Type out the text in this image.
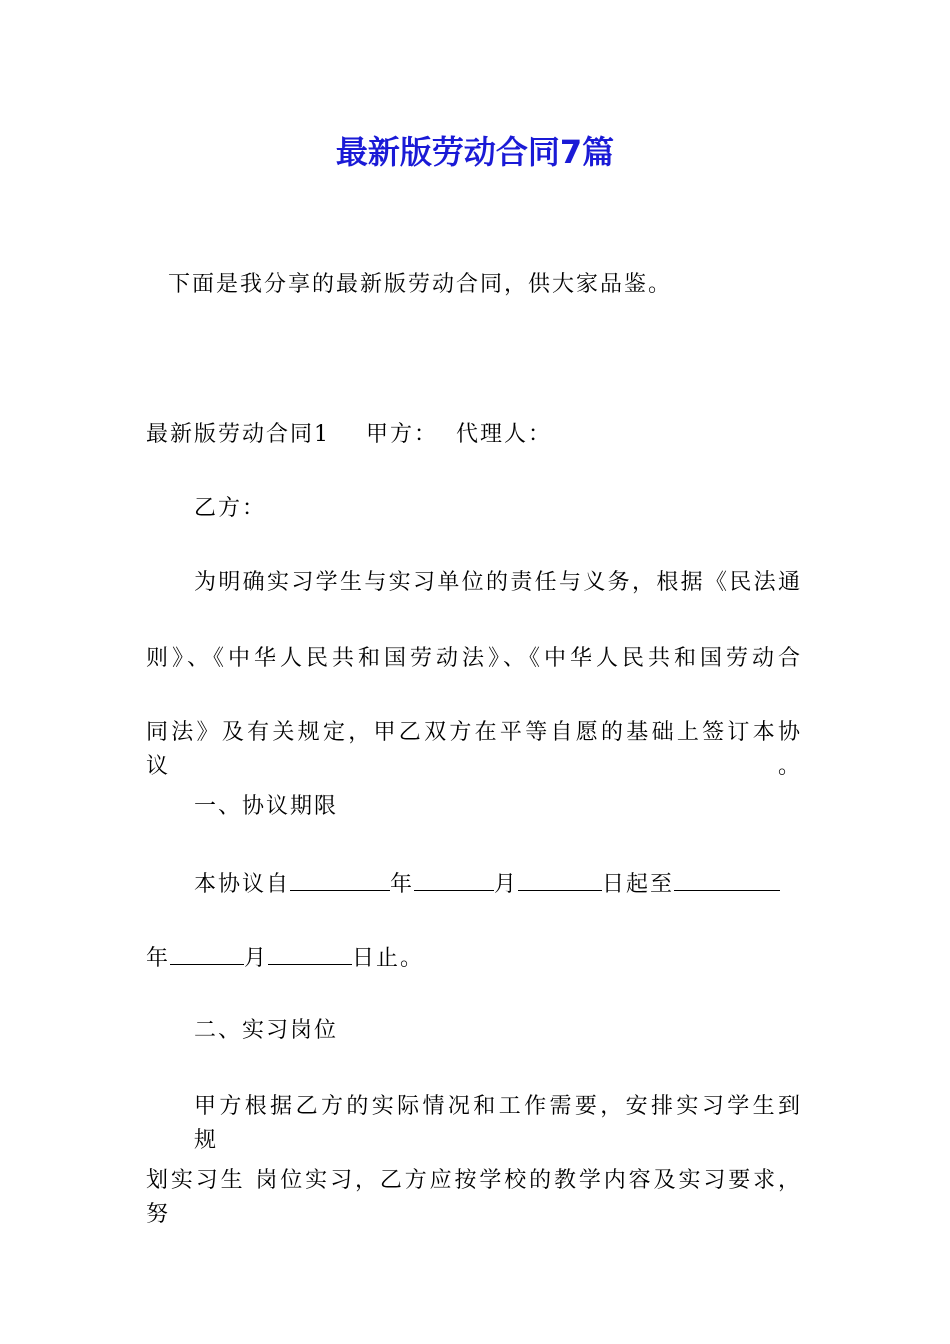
最新版劳动合同7篇

下面是我分享的最新版劳动合同，供大家品鉴。

最新版劳动合同1 甲方： 代理人：

乙方：

为明确实习学生与实习单位的责任与义务，根据《民法通

则》、《中华人民共和国劳动法》、《中华人民共和国劳动合

同法》及有关规定，甲乙双方在平等自愿的基础上签订本协议。

一、协议期限

本协议自	年	月	日起至

年	月	日止。

二、实习岗位

甲方根据乙方的实际情况和工作需要，安排实习学生到 规

划实习生 岗位实习，乙方应按学校的教学内容及实习要求，努
